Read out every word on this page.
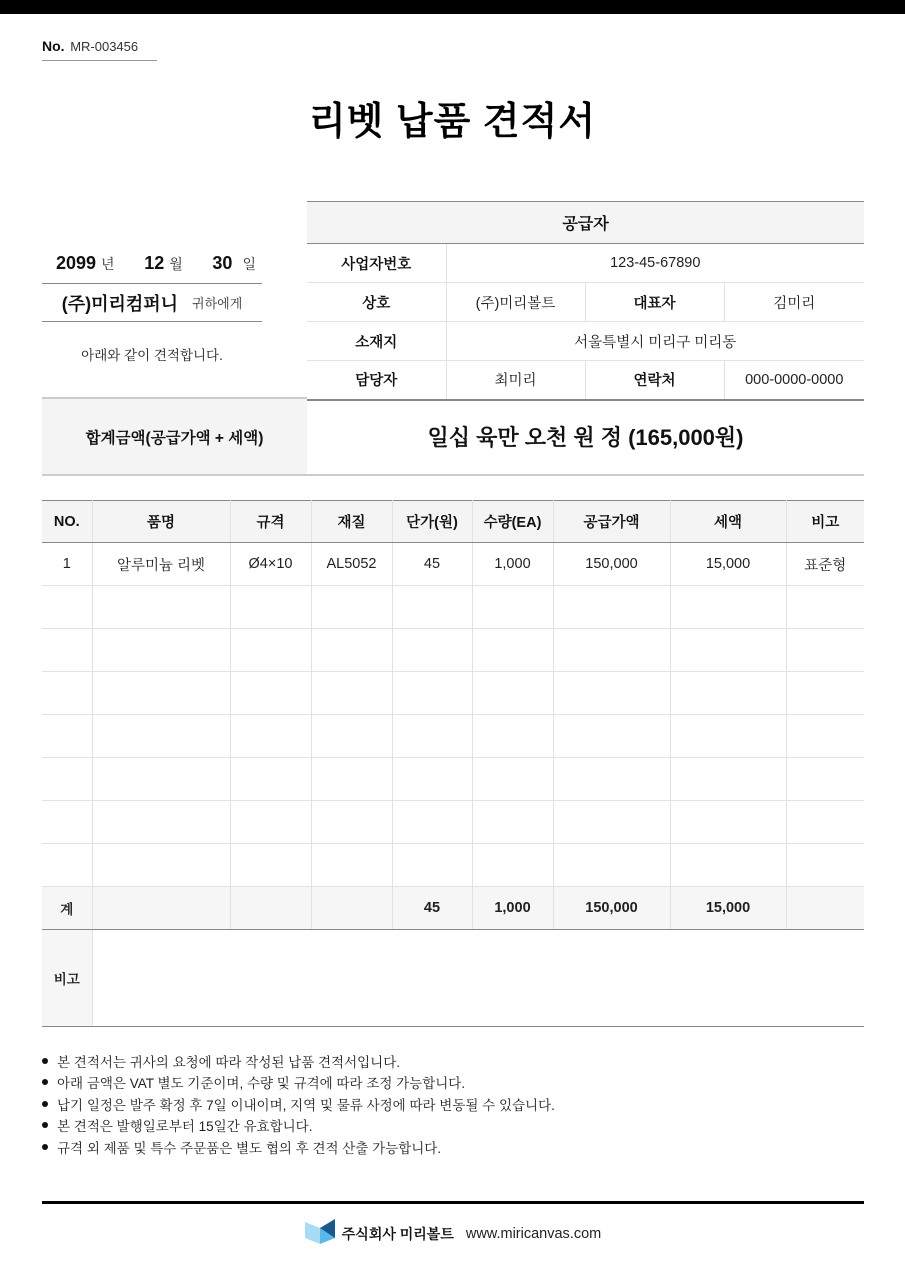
No. MR-003456
리벳 납품 견적서
2099 년 12 월 30 일
(주)미리컴퍼니 귀하에게
아래와 같이 견적합니다.
공급자			
사업자번호	123-45-67890		
상호	(주)미리볼트	대표자	김미리
소재지	서울특별시 미리구 미리동		
담당자	최미리	연락처	000-0000-0000
합계금액(공급가액 + 세액)	일십 육만 오천 원 정 (165,000원)
NO.	품명	규격	재질	단가(원)	수량(EA)	공급가액	세액	비고
1	알루미늄 리벳	Ø4×10	AL5052	45	1,000	150,000	15,000	표준형

계				45	1,000	150,000	15,000	
비고								
본 견적서는 귀사의 요청에 따라 작성된 납품 견적서입니다.
아래 금액은 VAT 별도 기준이며, 수량 및 규격에 따라 조정 가능합니다.
납기 일정은 발주 확정 후 7일 이내이며, 지역 및 물류 사정에 따라 변동될 수 있습니다.
본 견적은 발행일로부터 15일간 유효합니다.
규격 외 제품 및 특수 주문품은 별도 협의 후 견적 산출 가능합니다.
주식회사 미리볼트 www.miricanvas.com
